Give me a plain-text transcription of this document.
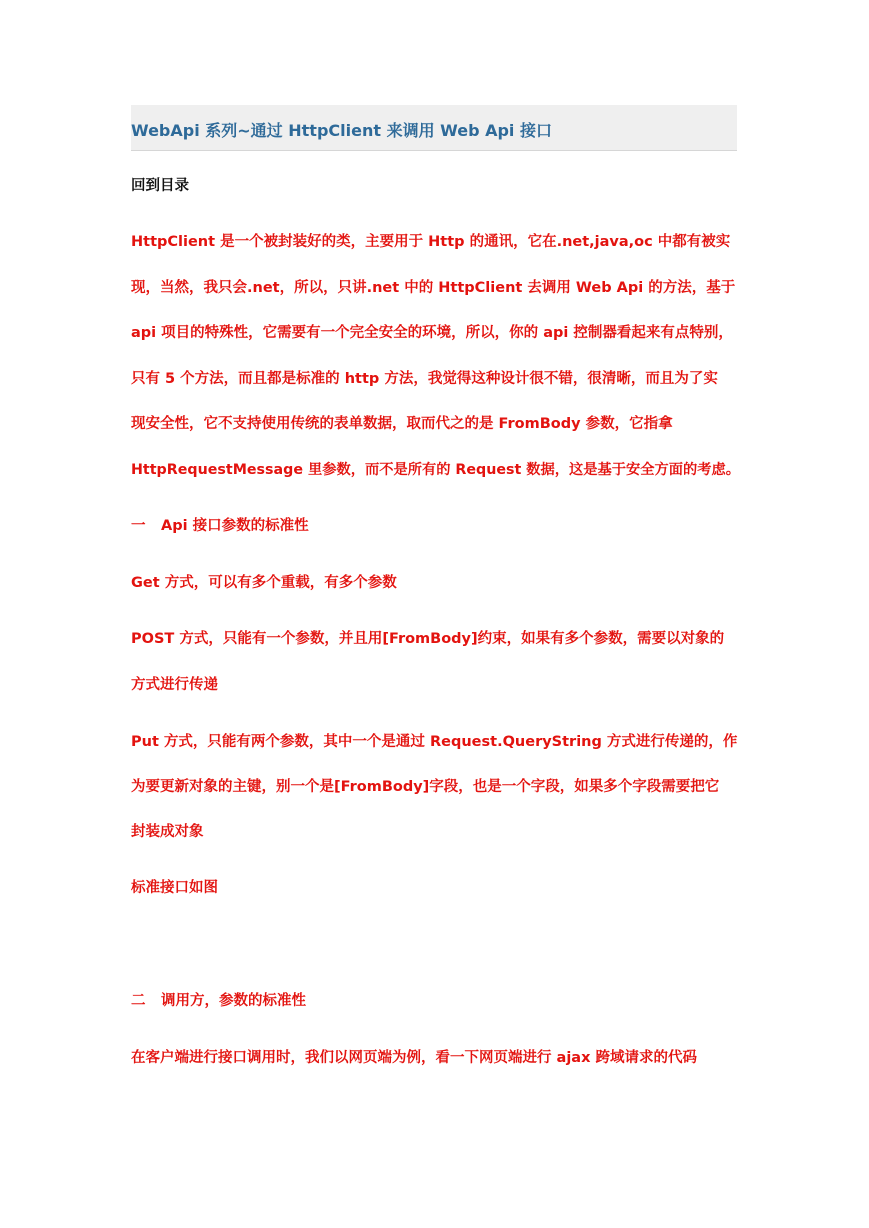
WebApi 系列~通过 HttpClient 来调用 Web Api 接口
回到目录
HttpClient 是一个被封装好的类，主要用于 Http 的通讯，它在.net,java,oc 中都有被实
现，当然，我只会.net，所以，只讲.net 中的 HttpClient 去调用 Web Api 的方法，基于
api 项目的特殊性，它需要有一个完全安全的环境，所以，你的 api 控制器看起来有点特别，
只有 5 个方法，而且都是标准的 http 方法，我觉得这种设计很不错，很清晰，而且为了实
现安全性，它不支持使用传统的表单数据，取而代之的是 FromBody 参数，它指拿
HttpRequestMessage 里参数，而不是所有的 Request 数据，这是基于安全方面的考虑。
一 Api 接口参数的标准性
Get 方式，可以有多个重载，有多个参数
POST 方式，只能有一个参数，并且用[FromBody]约束，如果有多个参数，需要以对象的
方式进行传递
Put 方式，只能有两个参数，其中一个是通过 Request.QueryString 方式进行传递的，作
为要更新对象的主键，别一个是[FromBody]字段，也是一个字段，如果多个字段需要把它
封装成对象
标准接口如图
二 调用方，参数的标准性
在客户端进行接口调用时，我们以网页端为例，看一下网页端进行 ajax 跨域请求的代码
